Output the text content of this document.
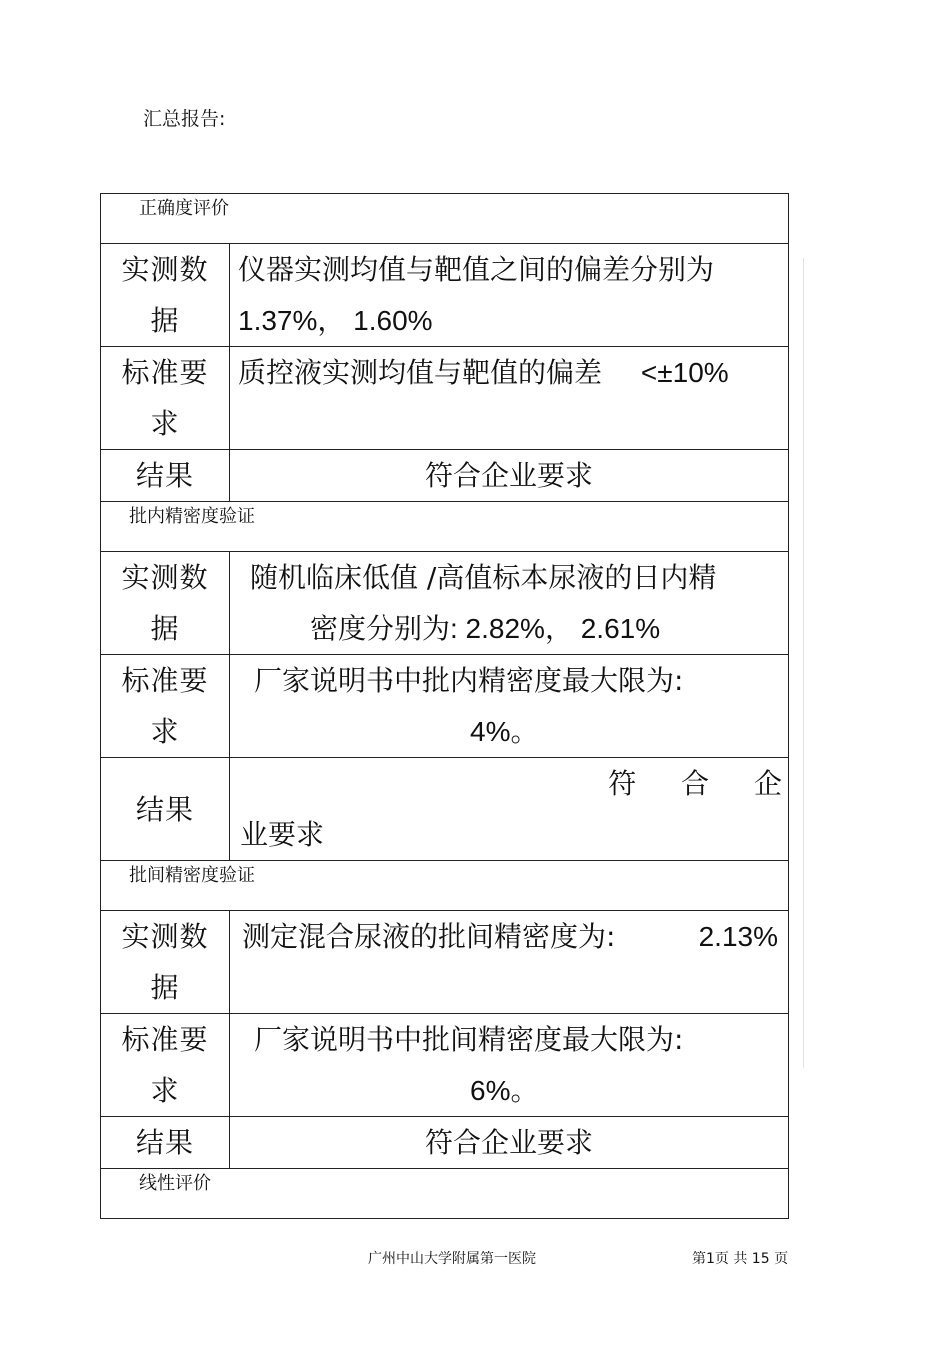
汇总报告:
正确度评价	

实测数据	仪器实测均值与靶值之间的偏差分别为
1.37%， 1.60%

标准要求	质控液实测均值与靶值的偏差 <±10%

结果	符合企业要求
批内精密度验证	

实测数据	随机临床低值 /高值标本尿液的日内精
密度分别为: 2.82%， 2.61%

标准要求	厂家说明书中批内精密度最大限为:
4%。

结果	符 合 企
业要求

批间精密度验证	

实测数据	测定混合尿液的批间精密度为: 2.13%

标准要求	厂家说明书中批间精密度最大限为:
6%。

结果	符合企业要求
线性评价	
广州中山大学附属第一医院	第1页 共 15 页
